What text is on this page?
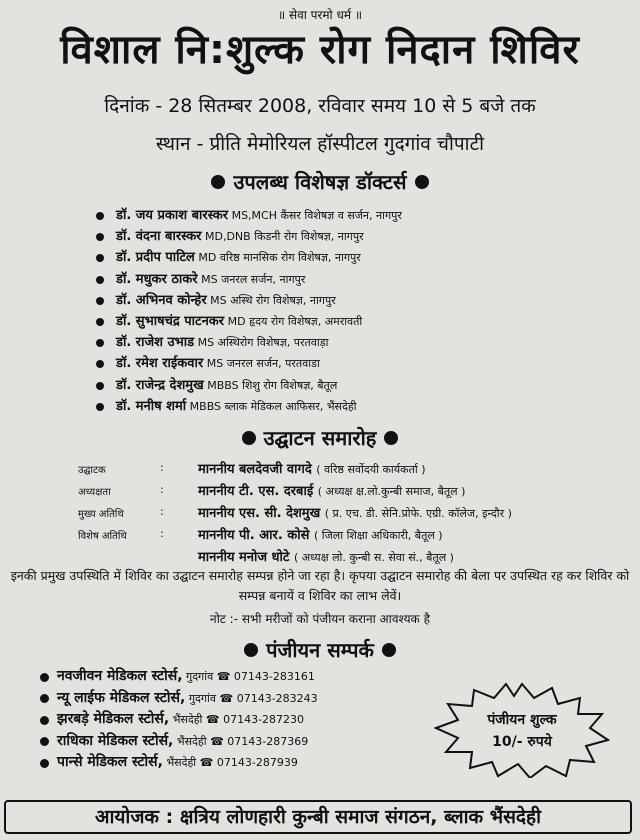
॥ सेवा परमो धर्म ॥
विशाल नि:शुल्क रोग निदान शिविर
दिनांक - 28 सितम्बर 2008, रविवार समय 10 से 5 बजे तक
स्थान - प्रीति मेमोरियल हॉस्पीटल गुदगांव चौपाटी
उपलब्ध विशेषज्ञ डॉक्टर्स
डॉ. जय प्रकाश बारस्कर MS,MCH कैंसर विशेषज्ञ व सर्जन, नागपुर
डॉ. वंदना बारस्कर MD,DNB किडनी रोग विशेषज्ञ, नागपुर
डॉ. प्रदीप पाटिल MD वरिष्ठ मानसिक रोग विशेषज्ञ, नागपुर
डॉ. मधुकर ठाकरे MS जनरल सर्जन, नागपुर
डॉ. अभिनव कोन्हेर MS अस्थि रोग विशेषज्ञ, नागपुर
डॉ. सुभाषचंद्र पाटनकर MD हृदय रोग विशेषज्ञ, अमरावती
डॉ. राजेश उभाड MS अस्थिरोग विशेषज्ञ, परतवाड़ा
डॉ. रमेश राईकवार MS जनरल सर्जन, परतवाडा
डॉ. राजेन्द्र देशमुख MBBS शिशु रोग विशेषज्ञ, बैतूल
डॉ. मनीष शर्मा MBBS ब्लाक मेडिकल आफिसर, भैंसदेही
उद्घाटन समारोह
उद्घाटक	:	माननीय बलदेवजी वागदे ( वरिष्ठ सर्वोदयी कार्यकर्ता )
अध्यक्षता	:	माननीय टी. एस. दरबाई ( अध्यक्ष क्ष.लो.कुन्बी समाज, बैतूल )
मुख्य अतिथि	:	माननीय एस. सी. देशमुख ( प्र. एच. डी. सेनि.प्रोफे. एग्री. कॉलेज, इन्दौर )
विशेष अतिथि	:	माननीय पी. आर. कोसे ( जिला शिक्षा अधिकारी, बैतूल )
माननीय मनोज धोटे ( अध्यक्ष लो. कुन्बी स. सेवा सं., बैतूल )
इनकी प्रमुख उपस्थिति में शिविर का उद्घाटन समारोह सम्पन्न होने जा रहा है। कृपया उद्घाटन समारोह की बेला पर उपस्थित रह कर शिविर को सम्पन्न बनायें व शिविर का लाभ लेवें।
नोट :- सभी मरीजों को पंजीयन कराना आवश्यक है
पंजीयन सम्पर्क
नवजीवन मेडिकल स्टोर्स, गुदगांव ☎ 07143-283161
न्यू लाईफ मेडिकल स्टोर्स, गुदगांव ☎ 07143-283243
झरबड़े मेडिकल स्टोर्स, भैंसदेही ☎ 07143-287230
राधिका मेडिकल स्टोर्स, भैंसदेही ☎ 07143-287369
पान्से मेडिकल स्टोर्स, भैंसदेही ☎ 07143-287939
पंजीयन शुल्क
10/- रुपये
आयोजक : क्षत्रिय लोणहारी कुन्बी समाज संगठन, ब्लाक भैंसदेही
